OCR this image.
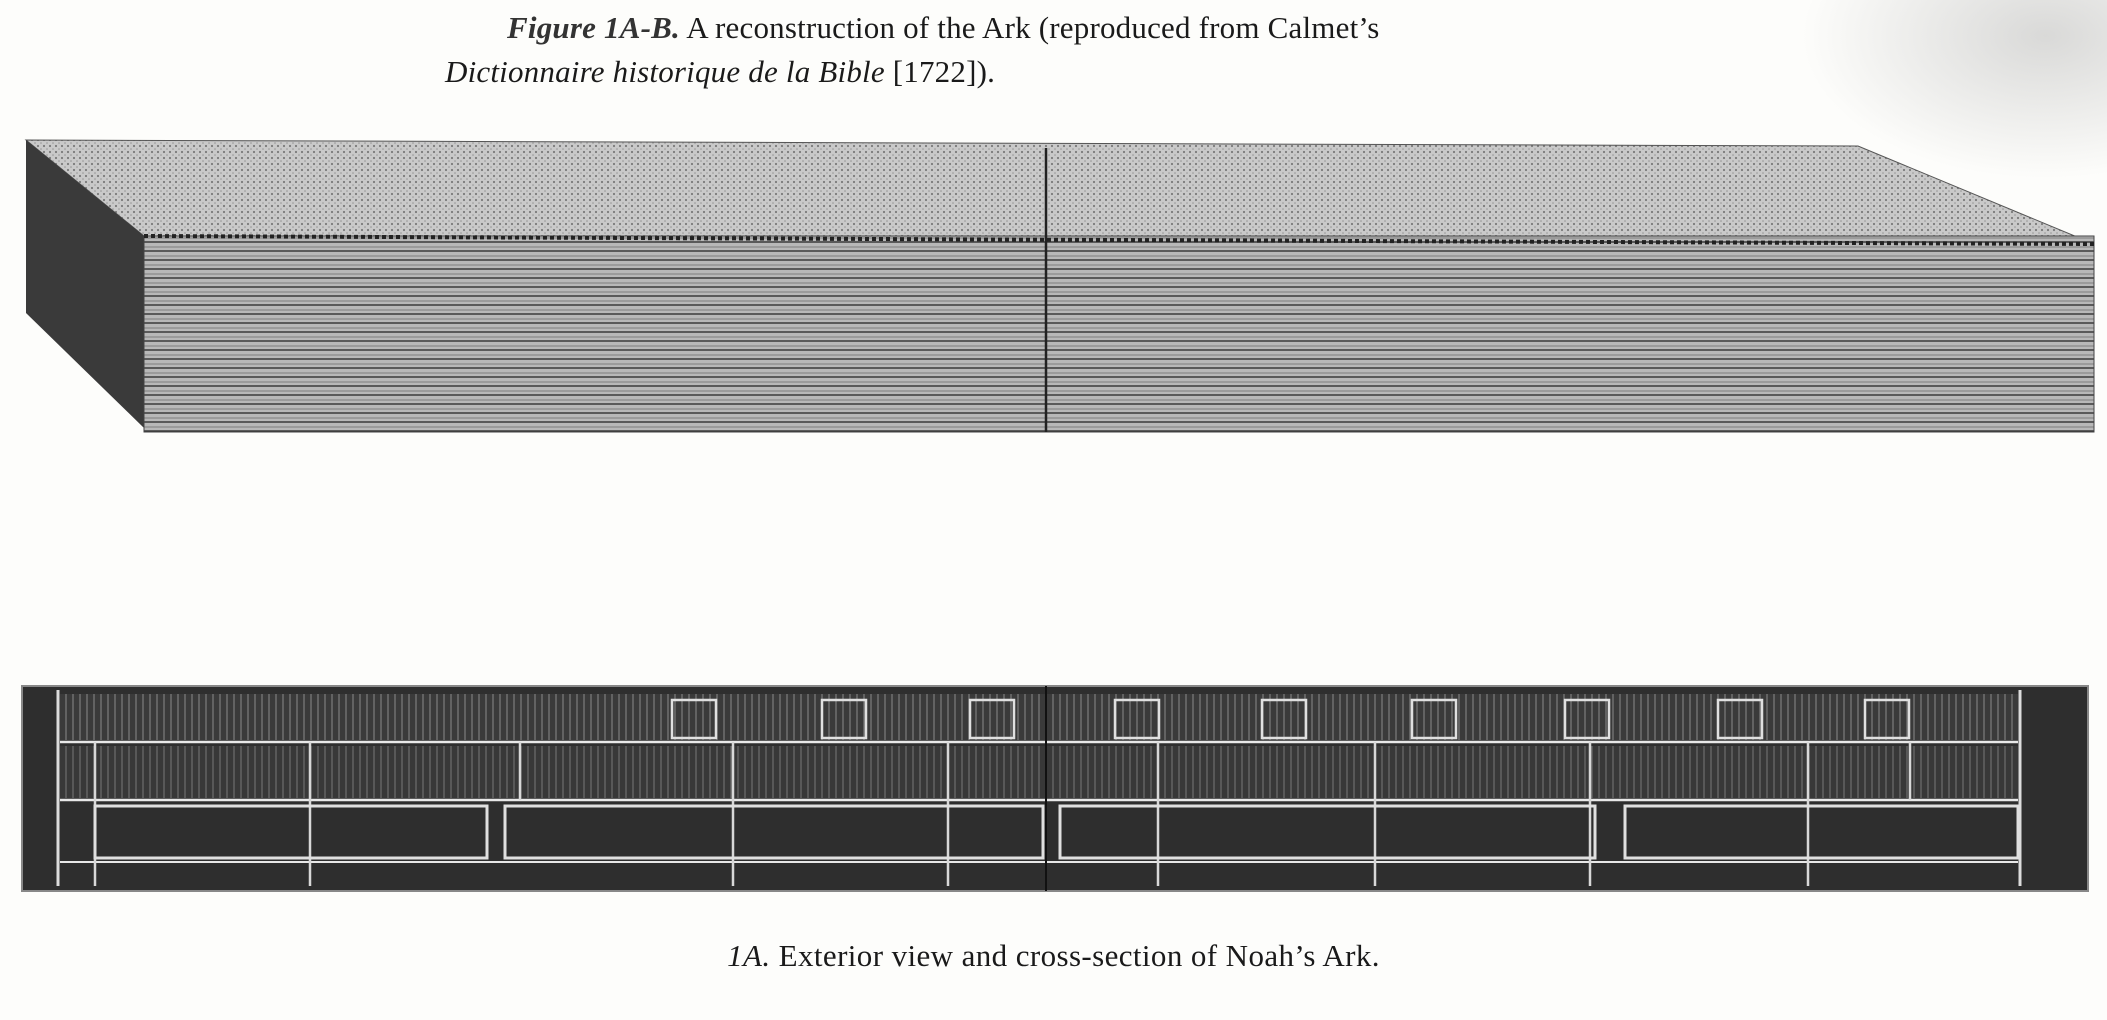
Figure 1A-B. A reconstruction of the Ark (reproduced from Calmet’s
Dictionnaire historique de la Bible [1722]).
1A. Exterior view and cross-section of Noah’s Ark.
